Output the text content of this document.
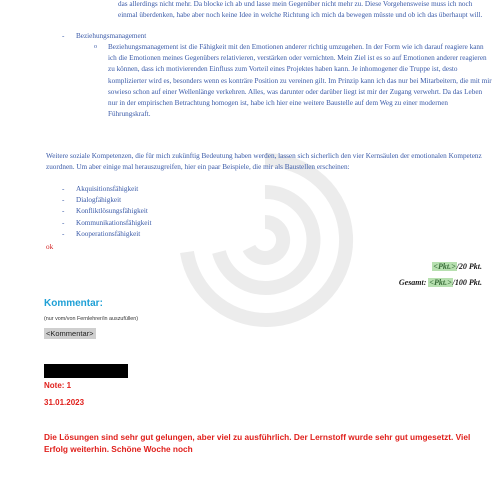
das allerdings nicht mehr. Da blocke ich ab und lasse mein Gegenüber nicht mehr zu. Diese Vorgehensweise muss ich noch einmal überdenken, habe aber noch keine Idee in welche Richtung ich mich da bewegen müsste und ob ich das überhaupt will.

- Beziehungsmanagement
o Beziehungsmanagement ist die Fähigkeit mit den Emotionen anderer richtig umzugehen. In der Form wie ich darauf reagiere kann ich die Emotionen meines Gegenübers relativieren, verstärken oder vernichten. Mein Ziel ist es so auf Emotionen anderer reagieren zu können, dass ich motivierenden Einfluss zum Vorteil eines Projektes haben kann. Je inhomogener die Truppe ist, desto komplizierter wird es, besonders wenn es konträre Position zu vereinen gilt. Im Prinzip kann ich das nur bei Mitarbeitern, die mit mir sowieso schon auf einer Wellenlänge verkehren. Alles, was darunter oder darüber liegt ist mir der Zugang verwehrt. Da das Leben nur in der empirischen Betrachtung homogen ist, habe ich hier eine weitere Baustelle auf dem Weg zu einer modernen Führungskraft.

Weitere soziale Kompetenzen, die für mich zukünftig Bedeutung haben werden, lassen sich sicherlich den vier Kernsäulen der emotionalen Kompetenz zuordnen. Um aber einige mal herauszugreifen, hier ein paar Beispiele, die mir als Baustellen erscheinen:

- Akquisitionsfähigkeit
- Dialogfähigkeit
- Konfliktlösungsfähigkeit
- Kommunikationsfähigkeit
- Kooperationsfähigkeit
ok
<Pkt.>/20 Pkt.
Gesamt: <Pkt.>/100 Pkt.
Kommentar:
(nur vom/von Fernlehrer/in auszufüllen)
<Kommentar>
Note: 1
31.01.2023

Die Lösungen sind sehr gut gelungen, aber viel zu ausführlich. Der Lernstoff wurde sehr gut umgesetzt. Viel Erfolg weiterhin. Schöne Woche noch
